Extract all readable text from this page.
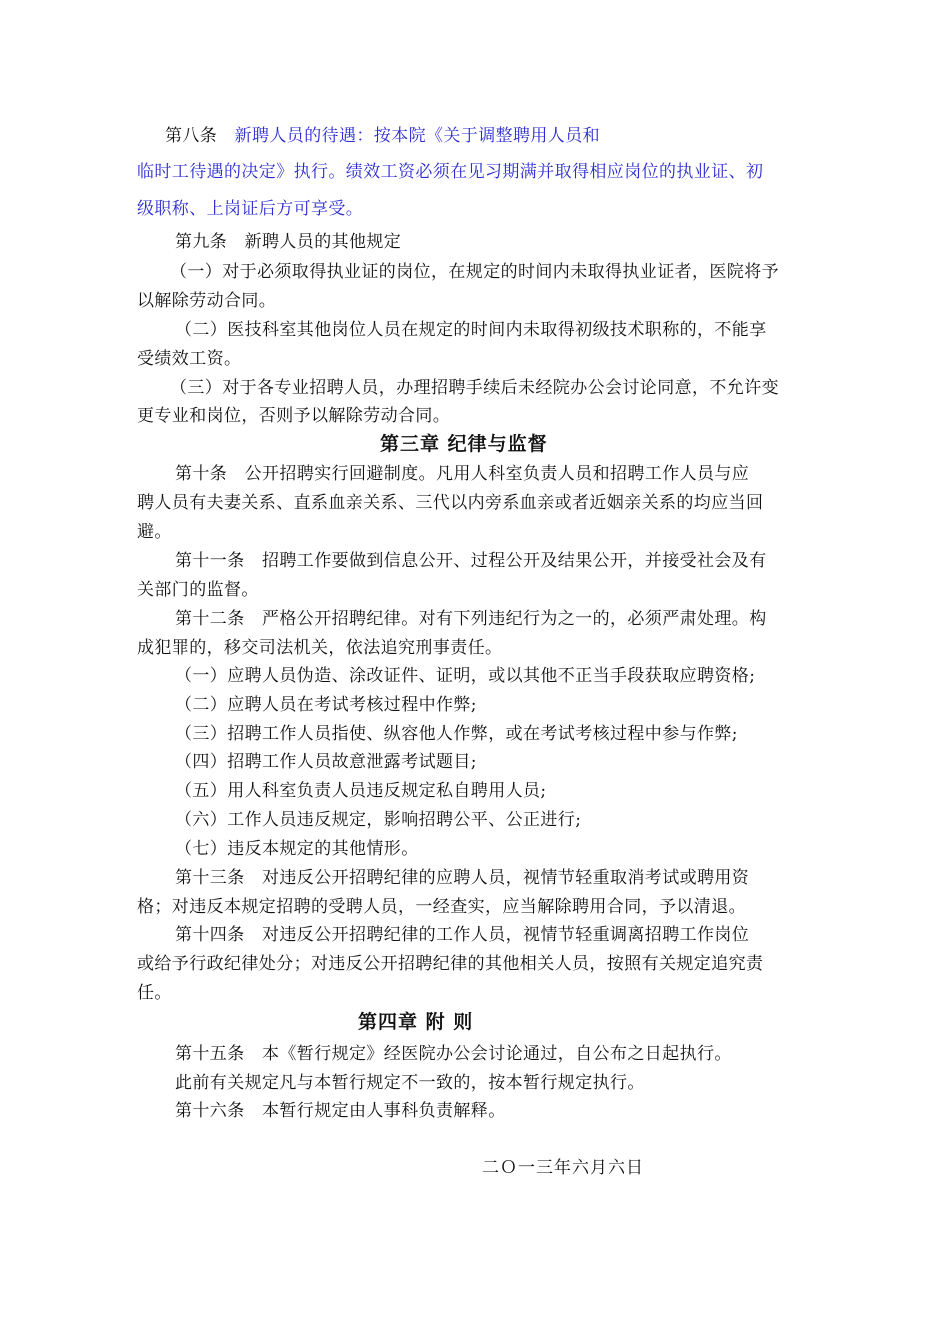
第八条　新聘人员的待遇：按本院《关于调整聘用人员和
临时工待遇的决定》执行。绩效工资必须在见习期满并取得相应岗位的执业证、初
级职称、上岗证后方可享受。
第九条　新聘人员的其他规定
（一）对于必须取得执业证的岗位，在规定的时间内未取得执业证者，医院将予
以解除劳动合同。
（二）医技科室其他岗位人员在规定的时间内未取得初级技术职称的，不能享
受绩效工资。
（三）对于各专业招聘人员，办理招聘手续后未经院办公会讨论同意，不允许变
更专业和岗位，否则予以解除劳动合同。
第三章 纪律与监督
第十条　公开招聘实行回避制度。凡用人科室负责人员和招聘工作人员与应
聘人员有夫妻关系、直系血亲关系、三代以内旁系血亲或者近姻亲关系的均应当回
避。
第十一条　招聘工作要做到信息公开、过程公开及结果公开，并接受社会及有
关部门的监督。
第十二条　严格公开招聘纪律。对有下列违纪行为之一的，必须严肃处理。构
成犯罪的，移交司法机关，依法追究刑事责任。
（一）应聘人员伪造、涂改证件、证明，或以其他不正当手段获取应聘资格;
（二）应聘人员在考试考核过程中作弊;
（三）招聘工作人员指使、纵容他人作弊，或在考试考核过程中参与作弊;
（四）招聘工作人员故意泄露考试题目;
（五）用人科室负责人员违反规定私自聘用人员;
（六）工作人员违反规定，影响招聘公平、公正进行;
（七）违反本规定的其他情形。
第十三条　对违反公开招聘纪律的应聘人员，视情节轻重取消考试或聘用资
格；对违反本规定招聘的受聘人员，一经查实，应当解除聘用合同，予以清退。
第十四条　对违反公开招聘纪律的工作人员，视情节轻重调离招聘工作岗位
或给予行政纪律处分；对违反公开招聘纪律的其他相关人员，按照有关规定追究责
任。
第四章 附 则
第十五条　本《暂行规定》经医院办公会讨论通过，自公布之日起执行。
此前有关规定凡与本暂行规定不一致的，按本暂行规定执行。
第十六条　本暂行规定由人事科负责解释。
二Ｏ一三年六月六日
